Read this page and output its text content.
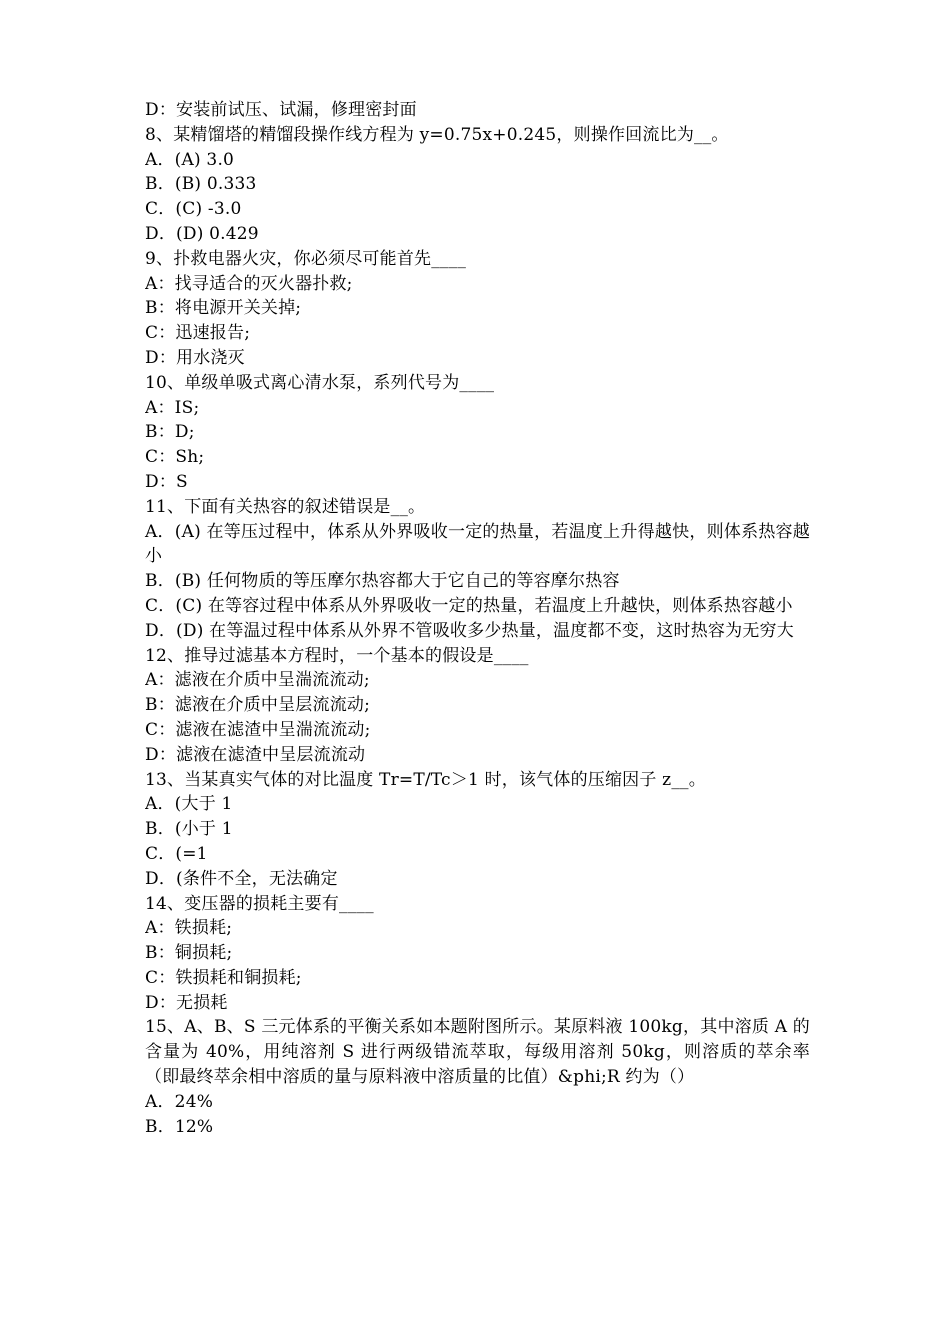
D：安装前试压、试漏，修理密封面
8、某精馏塔的精馏段操作线方程为 y=0.75x+0.245，则操作回流比为__。
A．(A) 3.0
B．(B) 0.333
C．(C) -3.0
D．(D) 0.429
9、扑救电器火灾，你必须尽可能首先____
A：找寻适合的灭火器扑救;
B：将电源开关关掉;
C：迅速报告;
D：用水浇灭
10、单级单吸式离心清水泵，系列代号为____
A：IS;
B：D;
C：Sh;
D：S
11、下面有关热容的叙述错误是__。
A．(A) 在等压过程中，体系从外界吸收一定的热量，若温度上升得越快，则体系热容越小
B．(B) 任何物质的等压摩尔热容都大于它自己的等容摩尔热容
C．(C) 在等容过程中体系从外界吸收一定的热量，若温度上升越快，则体系热容越小
D．(D) 在等温过程中体系从外界不管吸收多少热量，温度都不变，这时热容为无穷大
12、推导过滤基本方程时，一个基本的假设是____
A：滤液在介质中呈湍流流动;
B：滤液在介质中呈层流流动;
C：滤液在滤渣中呈湍流流动;
D：滤液在滤渣中呈层流流动
13、当某真实气体的对比温度 Tr=T/Tc＞1 时，该气体的压缩因子 z__。
A．(大于 1
B．(小于 1
C．(=1
D．(条件不全，无法确定
14、变压器的损耗主要有____
A：铁损耗;
B：铜损耗;
C：铁损耗和铜损耗;
D：无损耗
15、A、B、S 三元体系的平衡关系如本题附图所示。某原料液 100kg，其中溶质 A 的含量为 40%，用纯溶剂 S 进行两级错流萃取，每级用溶剂 50kg，则溶质的萃余率（即最终萃余相中溶质的量与原料液中溶质量的比值）&phi;R 约为（）
A．24%
B．12%
